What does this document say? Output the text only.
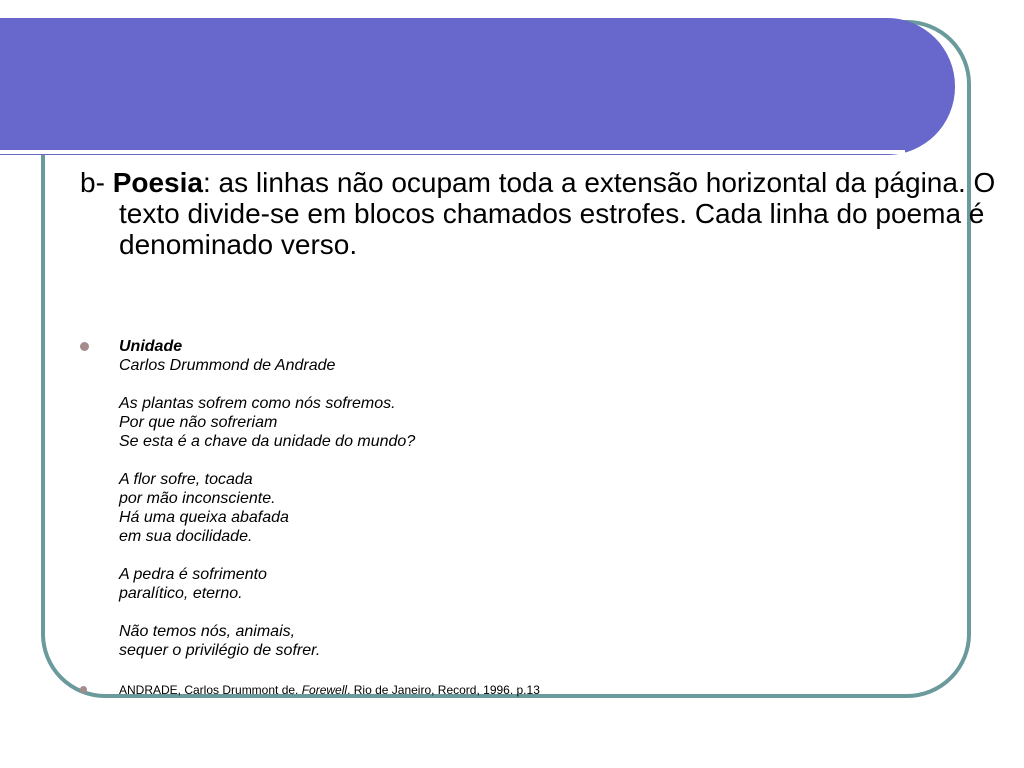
b- Poesia: as linhas não ocupam toda a extensão horizontal da página. O texto divide-se em blocos chamados estrofes. Cada linha do poema é denominado verso.
Unidade
Carlos Drummond de Andrade
As plantas sofrem como nós sofremos.
Por que não sofreriam
Se esta é a chave da unidade do mundo?
A flor sofre, tocada
por mão inconsciente.
Há uma queixa abafada
em sua docilidade.
A pedra é sofrimento
paralítico, eterno.
Não temos nós, animais,
sequer o privilégio de sofrer.
ANDRADE, Carlos Drummont de. Forewell. Rio de Janeiro, Record, 1996. p.13
